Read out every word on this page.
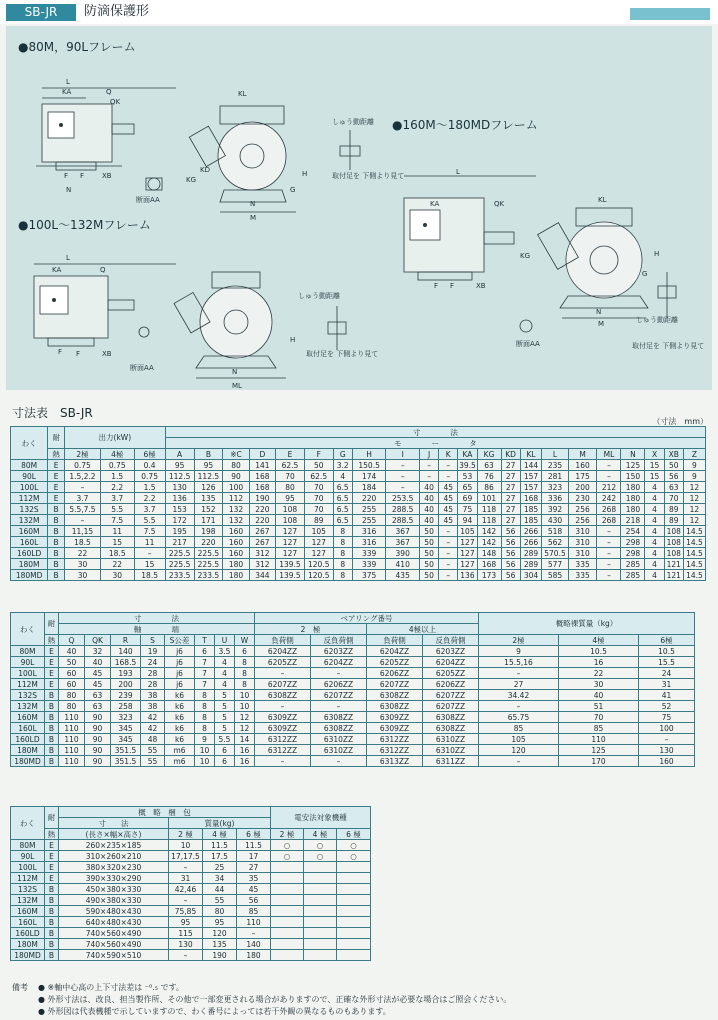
SB-JR	防滴保護形
L
KA	Q
QK
F F
N
XB
KL
M
N
H
G
KG
KD
L
KA	Q
F F	XB
ML
N
H
L
KA	QK
F F	XB
M
N
H
G
KL
KG
しゅう動距離
取付足を 下側より見て
断面AA
しゅう動距離
取付足を 下側より見て
断面AA
しゅう動距離
取付足を 下側より見て
断面AA
●80M，90Lフレーム
●100L～132Mフレーム
●160M～180MDフレーム
寸法表　SB-JR
（寸法　mm）
わく	耐	出力(kW)			寸　　　　法																					
					モ　　　　ー　　　　タ																					
	熱	2極	4極	6極	A	B	※C	D	E	F	G	H	I	J	K	KA	KG	KD	KL	L	M	ML	N	X	XB	Z
80M	E	0.75	0.75	0.4	95	95	80	141	62.5	50	3.2	150.5	–	–	–	39.5	63	27	144	235	160	–	125	15	50	9
90L	E	1.5,2.2	1.5	0.75	112.5	112.5	90	168	70	62.5	4	174	–	–	–	53	76	27	157	281	175	–	150	15	56	9
100L	E	–	2.2	1.5	130	126	100	168	80	70	6.5	184	–	40	45	65	86	27	157	323	200	212	180	4	63	12
112M	E	3.7	3.7	2.2	136	135	112	190	95	70	6.5	220	253.5	40	45	69	101	27	168	336	230	242	180	4	70	12
132S	B	5.5,7.5	5.5	3.7	153	152	132	220	108	70	6.5	255	288.5	40	45	75	118	27	185	392	256	268	180	4	89	12
132M	B	–	7.5	5.5	172	171	132	220	108	89	6.5	255	288.5	40	45	94	118	27	185	430	256	268	218	4	89	12
160M	B	11,15	11	7.5	195	198	160	267	127	105	8	316	367	50	–	105	142	56	266	518	310	–	254	4	108	14.5
160L	B	18.5	15	11	217	220	160	267	127	127	8	316	367	50	–	127	142	56	266	562	310	–	298	4	108	14.5
160LD	B	22	18.5	–	225.5	225.5	160	312	127	127	8	339	390	50	–	127	148	56	289	570.5	310	–	298	4	108	14.5
180M	B	30	22	15	225.5	225.5	180	312	139.5	120.5	8	339	410	50	–	127	168	56	289	577	335	–	285	4	121	14.5
180MD	B	30	30	18.5	233.5	233.5	180	344	139.5	120.5	8	375	435	50	–	136	173	56	304	585	335	–	285	4	121	14.5
わく	耐	寸　　　　法								ベアリング番号				概略裸質量（kg）		
		軸　　　　端								2　極		4極以上				
	熱	Q	QK	R	S	S公差	T	U	W	負荷側	反負荷側	負荷側	反負荷側	2極	4極	6極
80M	E	40	32	140	19	j6	6	3.5	6	6204ZZ	6203ZZ	6204ZZ	6203ZZ	9	10.5	10.5
90L	E	50	40	168.5	24	j6	7	4	8	6205ZZ	6204ZZ	6205ZZ	6204ZZ	15.5,16	16	15.5
100L	E	60	45	193	28	j6	7	4	8	–	–	6206ZZ	6205ZZ	–	22	24
112M	E	60	45	200	28	j6	7	4	8	6207ZZ	6206ZZ	6207ZZ	6206ZZ	27	30	31
132S	B	80	63	239	38	k6	8	5	10	6308ZZ	6207ZZ	6308ZZ	6207ZZ	34.42	40	41
132M	B	80	63	258	38	k6	8	5	10	–	–	6308ZZ	6207ZZ	–	51	52
160M	B	110	90	323	42	k6	8	5	12	6309ZZ	6308ZZ	6309ZZ	6308ZZ	65.75	70	75
160L	B	110	90	345	42	k6	8	5	12	6309ZZ	6308ZZ	6309ZZ	6308ZZ	85	85	100
160LD	B	110	90	345	48	k6	9	5.5	14	6312ZZ	6310ZZ	6312ZZ	6310ZZ	105	110	–
180M	B	110	90	351.5	55	m6	10	6	16	6312ZZ	6310ZZ	6312ZZ	6310ZZ	120	125	130
180MD	B	110	90	351.5	55	m6	10	6	16	–	–	6313ZZ	6311ZZ	–	170	160
わく	耐	概　略　梱　包				電安法対象機種		
		寸　　法	質量(kg)					
	熱	(長さ×幅×高さ)	2 極	4 極	6 極	2 極	4 極	6 極
80M	E	260×235×185	10	11.5	11.5	○	○	○
90L	E	310×260×210	17,17.5	17.5	17	○	○	○
100L	E	380×320×230	–	25	27			
112M	E	390×330×290	31	34	35			
132S	B	450×380×330	42,46	44	45			
132M	B	490×380×330	–	55	56			
160M	B	590×480×430	75,85	80	85			
160L	B	640×480×430	95	95	110			
160LD	B	740×560×490	115	120	–			
180M	B	740×560×490	130	135	140			
180MD	B	740×590×510	–	190	180			
備考 ● ※軸中心高の上下寸法差は ⁻⁰.₅ です。
● 外形寸法は、改良、担当製作所、その他で一部変更される場合がありますので、正確な外形寸法が必要な場合はご照会ください。
● 外形図は代表機種で示していますので、わく番号によっては若干外観の異なるものもあります。
